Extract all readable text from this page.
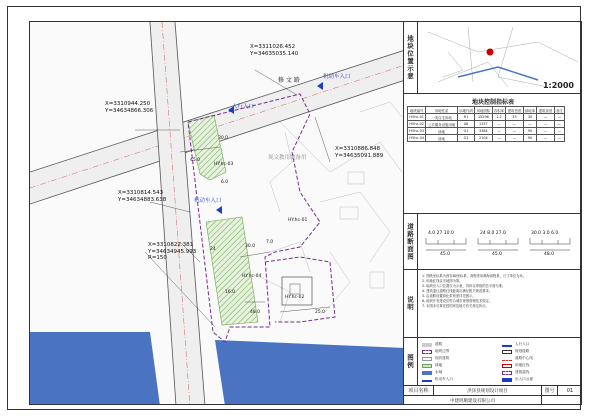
X=3311026.452
Y=34635035.140
X=3310944.250
Y=34634866.306
X=3310886.848
Y=34635091.889
X=3310814.543
Y=34634883.638
X=3310822.381
Y=34634945.993
R=150
修 文 路	机动车入口
人行入口
机动车入口
HY.hc-03
HY.hc-01
HY.hc-04
HY.hc-02
30.0
6.0
45.0
48.0
30.0
7.0
25.0
16.0
24
现文教用地备用
地块位置示意
1:2000
地块控制指标表
地块编号	用地性质	用地代码	用地面积	容积率	建筑密度	绿地率	建筑高度	备注
HY.hc-01	一类住宅用地	R1	15296	1.2	35	30	—	—
HY.hc-02	公共服务设施用地	A6	1257	—	—	—	—	—
HY.hc-03	绿地	G1	3384	—	—	90	—	—
HY.hc-04	绿地	G1	2104	—	—	90	—	—
道路断面图	4.0 27 10.0
45.0
24 8.0 27.0
45.0
30.0 3.0 6.0
48.0
说明

1. 图纸坐标系为西安80坐标系，高程采用黄海高程系，尺寸单位为米。

2. 用地红线以宗地图为准。

3. 地块出入口位置仅为示意，具体以审批的总平面为准。

4. 建筑退让道路红线距离应满足相关规范要求。

5. 沿道路设置绿化带宽度详见图示。

6. 地块开发建设应符合城市规划管理技术规定。

7. 本图未尽事宜按国家及地方有关规定执行。

图例
道路
地块边界
现状建筑
绿地
水域
机动车入口
人行入口
规划道路
道路中心线
用地红线
建筑退线
出入口示意
项目名称	洪泽县规划设计项目	图号	01
中建鸿顺建设有限公司
